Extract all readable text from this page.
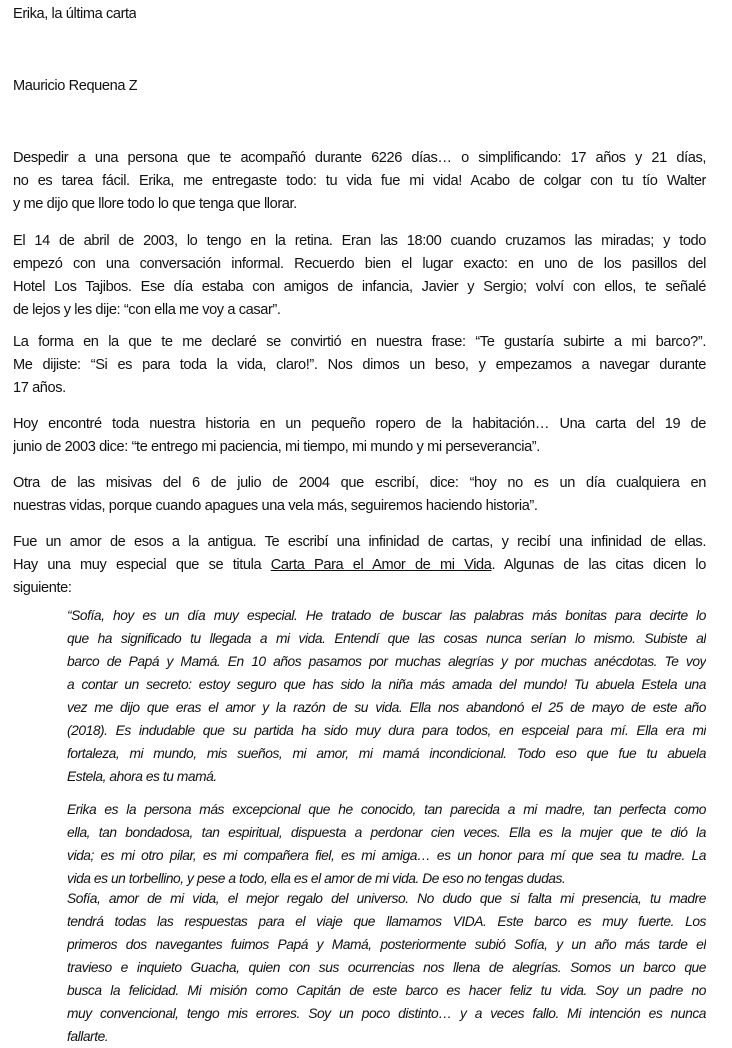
Erika, la última carta
Mauricio Requena Z
Despedir a una persona que te acompañó durante 6226 días… o simplificando: 17 años y 21 días,
no es tarea fácil. Erika, me entregaste todo: tu vida fue mi vida! Acabo de colgar con tu tío Walter
y me dijo que llore todo lo que tenga que llorar.
El 14 de abril de 2003, lo tengo en la retina. Eran las 18:00 cuando cruzamos las miradas; y todo
empezó con una conversación informal. Recuerdo bien el lugar exacto: en uno de los pasillos del
Hotel Los Tajibos. Ese día estaba con amigos de infancia, Javier y Sergio; volví con ellos, te señalé
de lejos y les dije: “con ella me voy a casar”.
La forma en la que te me declaré se convirtió en nuestra frase: “Te gustaría subirte a mi barco?”.
Me dijiste: “Si es para toda la vida, claro!”. Nos dimos un beso, y empezamos a navegar durante
17 años.
Hoy encontré toda nuestra historia en un pequeño ropero de la habitación… Una carta del 19 de
junio de 2003 dice: “te entrego mi paciencia, mi tiempo, mi mundo y mi perseverancia”.
Otra de las misivas del 6 de julio de 2004 que escribí, dice: “hoy no es un día cualquiera en
nuestras vidas, porque cuando apagues una vela más, seguiremos haciendo historia”.
Fue un amor de esos a la antigua. Te escribí una infinidad de cartas, y recibí una infinidad de ellas.
Hay una muy especial que se titula Carta Para el Amor de mi Vida. Algunas de las citas dicen lo
siguiente:
“Sofía, hoy es un día muy especial. He tratado de buscar las palabras más bonitas para decirte lo
que ha significado tu llegada a mi vida. Entendí que las cosas nunca serían lo mismo. Subiste al
barco de Papá y Mamá. En 10 años pasamos por muchas alegrías y por muchas anécdotas. Te voy
a contar un secreto: estoy seguro que has sido la niña más amada del mundo! Tu abuela Estela una
vez me dijo que eras el amor y la razón de su vida. Ella nos abandonó el 25 de mayo de este año
(2018). Es indudable que su partida ha sido muy dura para todos, en espceial para mí. Ella era mi
fortaleza, mi mundo, mis sueños, mi amor, mi mamá incondicional. Todo eso que fue tu abuela
Estela, ahora es tu mamá.
Erika es la persona más excepcional que he conocido, tan parecida a mi madre, tan perfecta como
ella, tan bondadosa, tan espiritual, dispuesta a perdonar cien veces. Ella es la mujer que te dió la
vida; es mi otro pilar, es mi compañera fiel, es mi amiga… es un honor para mí que sea tu madre. La
vida es un torbellino, y pese a todo, ella es el amor de mi vida. De eso no tengas dudas.
Sofía, amor de mi vida, el mejor regalo del universo. No dudo que si falta mi presencia, tu madre
tendrá todas las respuestas para el viaje que llamamos VIDA. Este barco es muy fuerte. Los
primeros dos navegantes fuimos Papá y Mamá, posteriormente subió Sofía, y un año más tarde el
travieso e inquieto Guacha, quien con sus ocurrencias nos llena de alegrías. Somos un barco que
busca la felicidad. Mi misión como Capitán de este barco es hacer feliz tu vida. Soy un padre no
muy convencional, tengo mis errores. Soy un poco distinto… y a veces fallo. Mi intención es nunca
fallarte.
